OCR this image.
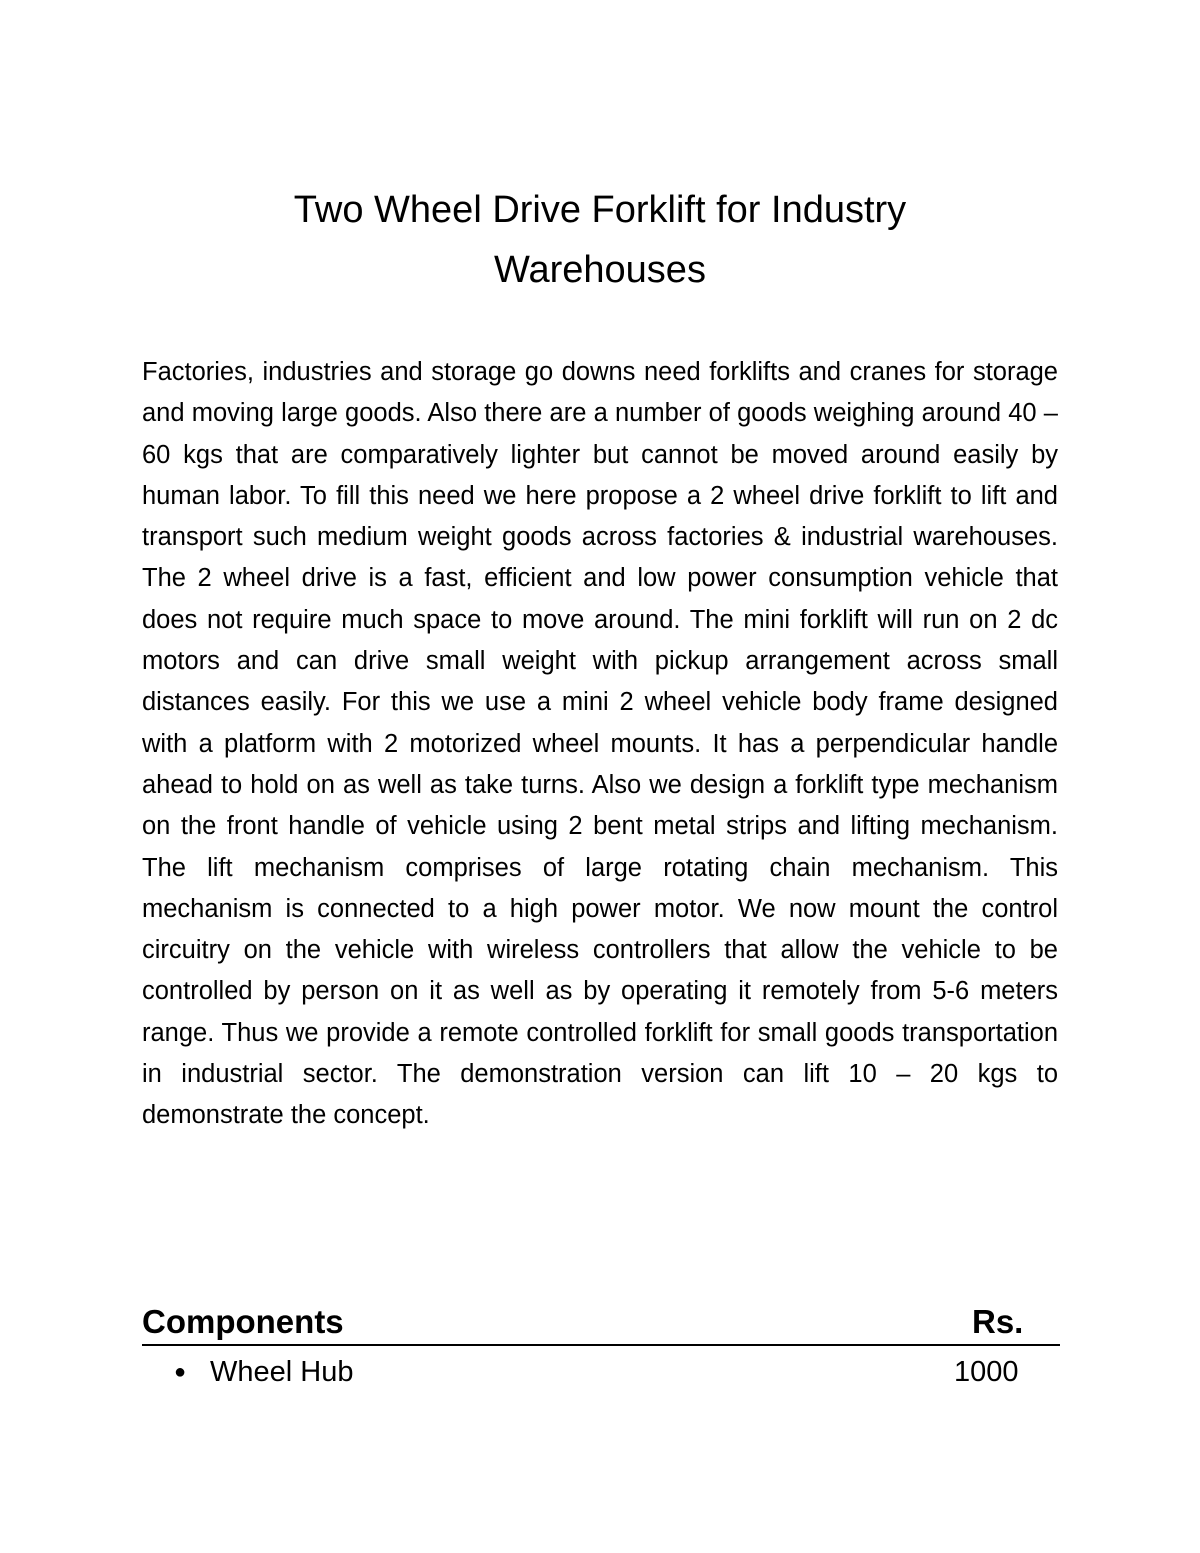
Two Wheel Drive Forklift for Industry
Warehouses

Factories, industries and storage go downs need forklifts and cranes for storage and moving large goods. Also there are a number of goods weighing around 40 – 60 kgs that are comparatively lighter but cannot be moved around easily by human labor. To fill this need we here propose a 2 wheel drive forklift to lift and transport such medium weight goods across factories & industrial warehouses. The 2 wheel drive is a fast, efficient and low power consumption vehicle that does not require much space to move around. The mini forklift will run on 2 dc motors and can drive small weight with pickup arrangement across small distances easily. For this we use a mini 2 wheel vehicle body frame designed with a platform with 2 motorized wheel mounts. It has a perpendicular handle ahead to hold on as well as take turns. Also we design a forklift type mechanism on the front handle of vehicle using 2 bent metal strips and lifting mechanism. The lift mechanism comprises of large rotating chain mechanism. This mechanism is connected to a high power motor. We now mount the control circuitry on the vehicle with wireless controllers that allow the vehicle to be controlled by person on it as well as by operating it remotely from 5-6 meters range. Thus we provide a remote controlled forklift for small goods transportation in industrial sector. The demonstration version can lift 10 – 20 kgs to demonstrate the concept.

Components	Rs.
● Wheel Hub	1000
